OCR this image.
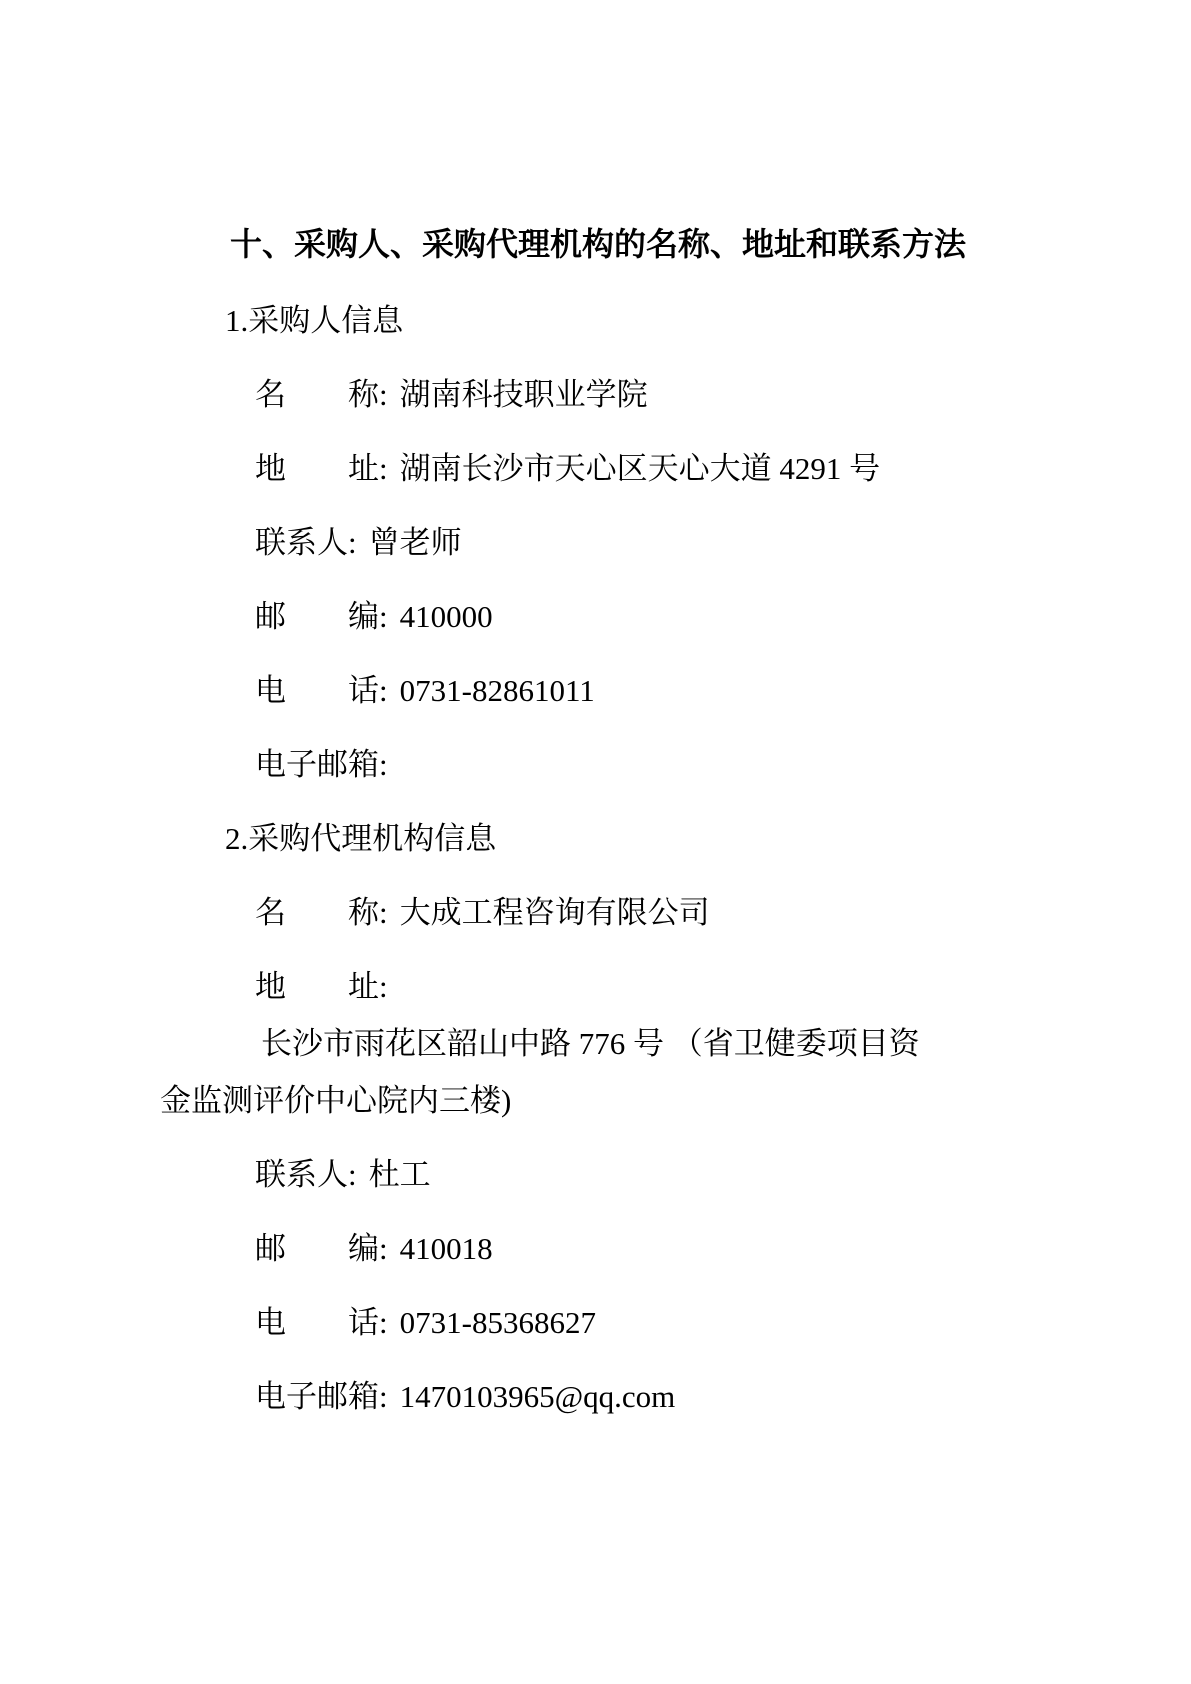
十、采购人、采购代理机构的名称、地址和联系方法
1.采购人信息
名　　称: 湖南科技职业学院
地　　址: 湖南长沙市天心区天心大道 4291 号
联系人: 曾老师
邮　　编: 410000
电　　话: 0731-82861011
电子邮箱:
2.采购代理机构信息
名　　称: 大成工程咨询有限公司
地　　址:长沙市雨花区韶山中路 776 号 （省卫健委项目资
金监测评价中心院内三楼)
联系人: 杜工
邮　　编: 410018
电　　话: 0731-85368627
电子邮箱: 1470103965@qq.com
